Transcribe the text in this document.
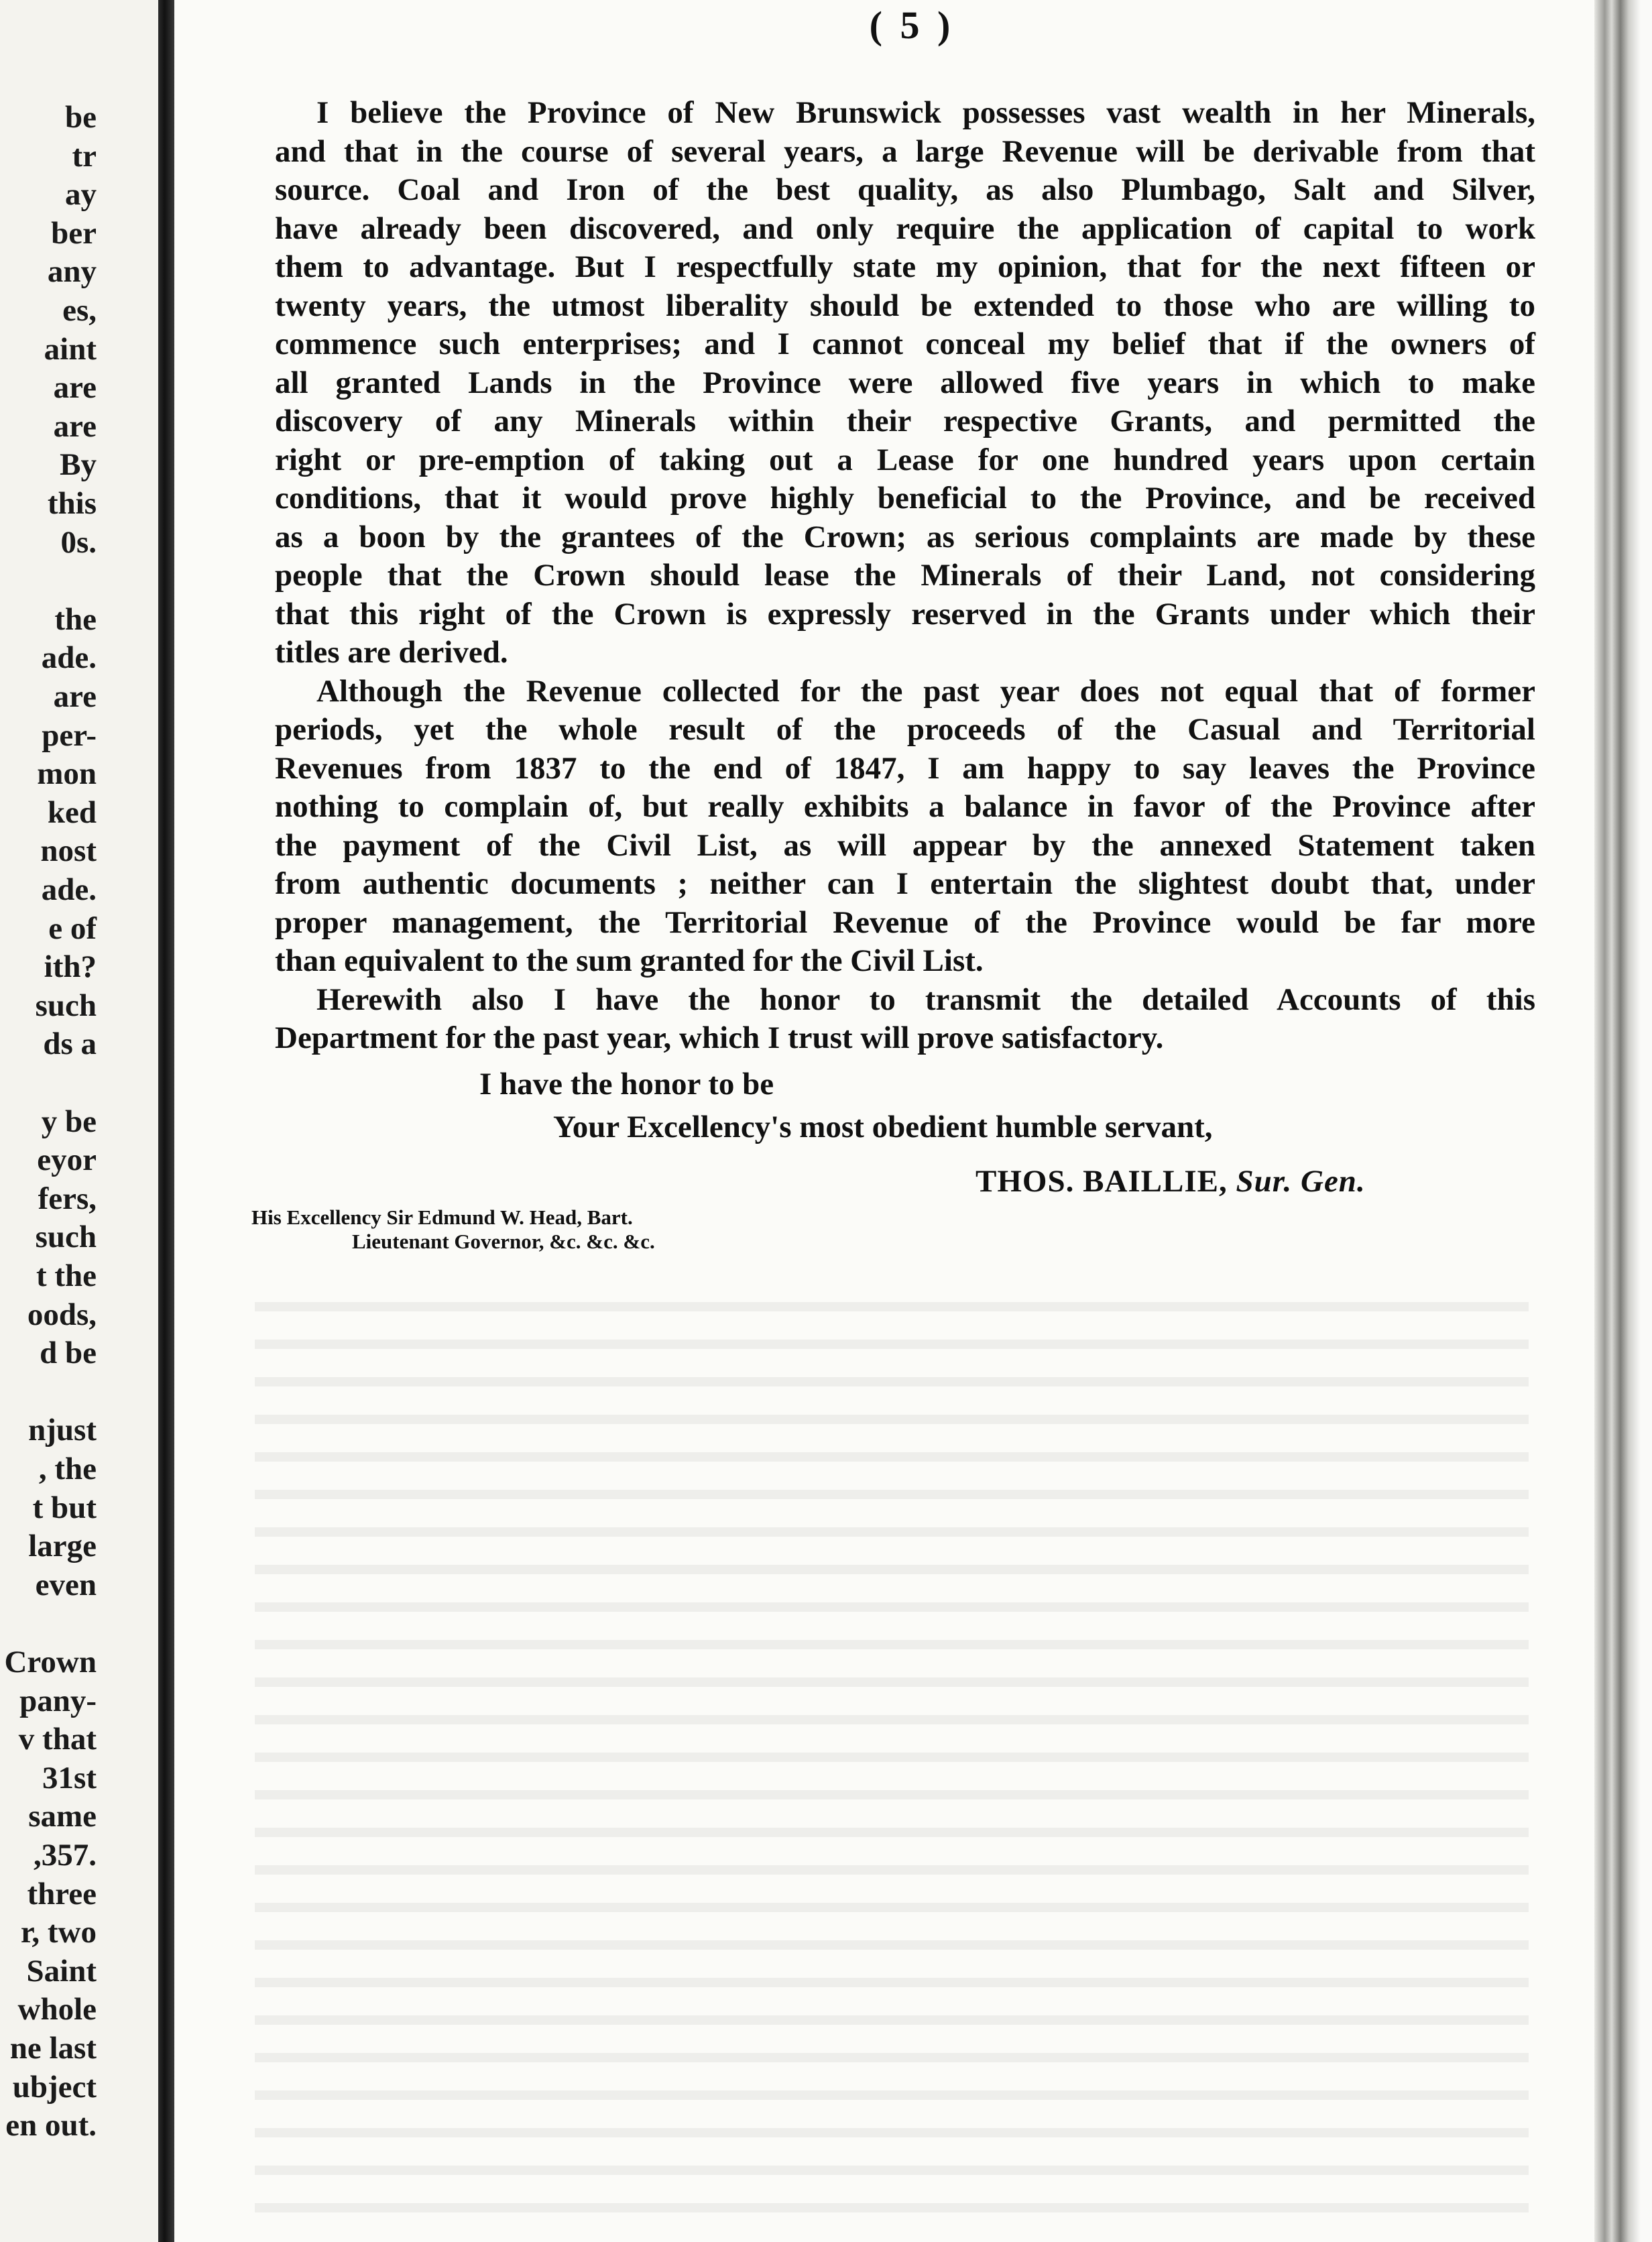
be
tr
ay
ber
any
es,
aint
are
are
By
this
0s.
the
ade.
are
per-
mon
ked
nost
ade.
e of
ith?
such
ds a
y be
eyor
fers,
such
t the
oods,
d be
njust
, the
t but
large
even
Crown
pany-
v that
31st
same
,357.
three
r, two
Saint
whole
ne last
ubject
en out.
( 5 )
I believe the Province of New Brunswick possesses vast wealth in her Minerals,
and that in the course of several years, a large Revenue will be derivable from that
source. Coal and Iron of the best quality, as also Plumbago, Salt and Silver,
have already been discovered, and only require the application of capital to work
them to advantage. But I respectfully state my opinion, that for the next fifteen or
twenty years, the utmost liberality should be extended to those who are willing to
commence such enterprises; and I cannot conceal my belief that if the owners of
all granted Lands in the Province were allowed five years in which to make
discovery of any Minerals within their respective Grants, and permitted the
right or pre-emption of taking out a Lease for one hundred years upon certain
conditions, that it would prove highly beneficial to the Province, and be received
as a boon by the grantees of the Crown; as serious complaints are made by these
people that the Crown should lease the Minerals of their Land, not considering
that this right of the Crown is expressly reserved in the Grants under which their
titles are derived.
Although the Revenue collected for the past year does not equal that of former
periods, yet the whole result of the proceeds of the Casual and Territorial
Revenues from 1837 to the end of 1847, I am happy to say leaves the Province
nothing to complain of, but really exhibits a balance in favor of the Province after
the payment of the Civil List, as will appear by the annexed Statement taken
from authentic documents ; neither can I entertain the slightest doubt that, under
proper management, the Territorial Revenue of the Province would be far more
than equivalent to the sum granted for the Civil List.
Herewith also I have the honor to transmit the detailed Accounts of this
Department for the past year, which I trust will prove satisfactory.
I have the honor to be
Your Excellency's most obedient humble servant,
THOS. BAILLIE, Sur. Gen.
His Excellency Sir Edmund W. Head, Bart.
Lieutenant Governor, &c. &c. &c.
